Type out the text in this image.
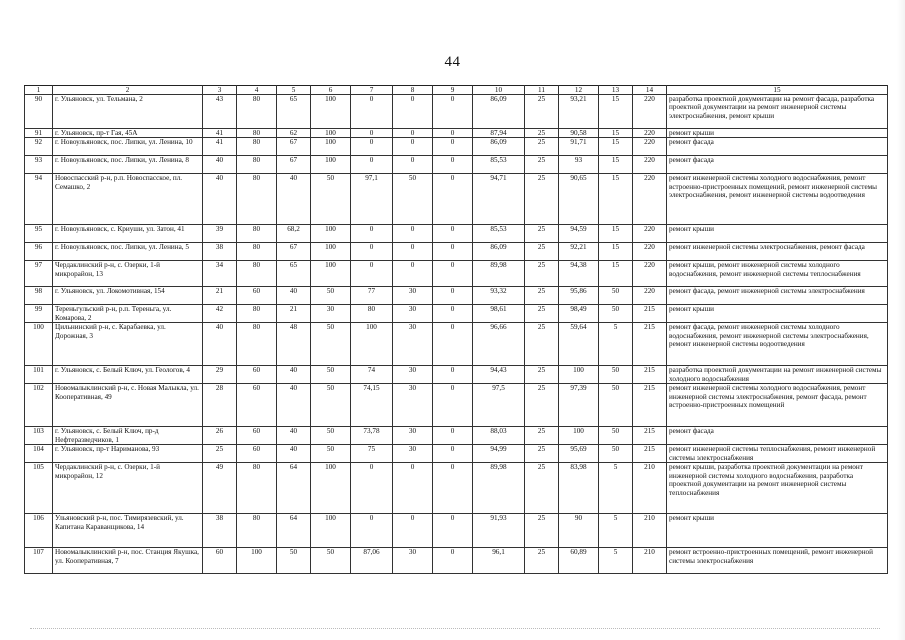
44
1	2	3	4	5	6	7	8	9	10	11	12	13	14	15
90	г. Ульяновск, ул. Тельмана, 2	43	80	65	100	0	0	0	86,09	25	93,21	15	220	разработка проектной документации на ремонт фасада, разработка проектной документации на ремонт инженерной системы электроснабжения, ремонт крыши
91	г. Ульяновск, пр-т Гая, 45А	41	80	62	100	0	0	0	87,94	25	90,58	15	220	ремонт крыши
92	г. Новоульяновск, пос. Липки, ул. Ленина, 10	41	80	67	100	0	0	0	86,09	25	91,71	15	220	ремонт фасада
93	г. Новоульяновск, пос. Липки, ул. Ленина, 8	40	80	67	100	0	0	0	85,53	25	93	15	220	ремонт фасада
94	Новоспасский р-н, р.п. Новоспасское, пл. Семашко, 2	40	80	40	50	97,1	50	0	94,71	25	90,65	15	220	ремонт инженерной системы холодного водоснабжения, ремонт встроенно-пристроенных помещений, ремонт инженерной системы электроснабжения, ремонт инженерной системы водоотведения
95	г. Новоульяновск, с. Криуши, ул. Затон, 41	39	80	68,2	100	0	0	0	85,53	25	94,59	15	220	ремонт крыши
96	г. Новоульяновск, пос. Липки, ул. Ленина, 5	38	80	67	100	0	0	0	86,09	25	92,21	15	220	ремонт инженерной системы электроснабжения, ремонт фасада
97	Чердаклинский р-н, с. Озерки, 1-й микрорайон, 13	34	80	65	100	0	0	0	89,98	25	94,38	15	220	ремонт крыши, ремонт инженерной системы холодного водоснабжения, ремонт инженерной системы теплоснабжения
98	г. Ульяновск, ул. Локомотивная, 154	21	60	40	50	77	30	0	93,32	25	95,86	50	220	ремонт фасада, ремонт инженерной системы электроснабжения
99	Тереньгульский р-н, р.п. Тереньга, ул. Комарова, 2	42	80	21	30	80	30	0	98,61	25	98,49	50	215	ремонт крыши
100	Цильнинский р-н, с. Карабаевка, ул. Дорожная, 3	40	80	48	50	100	30	0	96,66	25	59,64	5	215	ремонт фасада, ремонт инженерной системы холодного водоснабжения, ремонт инженерной системы электроснабжения, ремонт инженерной системы водоотведения
101	г. Ульяновск, с. Белый Ключ, ул. Геологов, 4	29	60	40	50	74	30	0	94,43	25	100	50	215	разработка проектной документации на ремонт инженерной системы холодного водоснабжения
102	Новомалыклинский р-н, с. Новая Малыкла, ул. Кооперативная, 49	28	60	40	50	74,15	30	0	97,5	25	97,39	50	215	ремонт инженерной системы холодного водоснабжения, ремонт инженерной системы электроснабжения, ремонт фасада, ремонт встроенно-пристроенных помещений
103	г. Ульяновск, с. Белый Ключ, пр-д Нефтеразведчиков, 1	26	60	40	50	73,78	30	0	88,03	25	100	50	215	ремонт фасада
104	г. Ульяновск, пр-т Нариманова, 93	25	60	40	50	75	30	0	94,99	25	95,69	50	215	ремонт инженерной системы теплоснабжения, ремонт инженерной системы электроснабжения
105	Чердаклинский р-н, с. Озерки, 1-й микрорайон, 12	49	80	64	100	0	0	0	89,98	25	83,98	5	210	ремонт крыши, разработка проектной документации на ремонт инженерной системы холодного водоснабжения, разработка проектной документации на ремонт инженерной системы теплоснабжения
106	Ульяновский р-н, пос. Тимирязевский, ул. Капитана Караванщикова, 14	38	80	64	100	0	0	0	91,93	25	90	5	210	ремонт крыши
107	Новомалыклинский р-н, пос. Станция Якушка, ул. Кооперативная, 7	60	100	50	50	87,06	30	0	96,1	25	60,89	5	210	ремонт встроенно-пристроенных помещений, ремонт инженерной системы электроснабжения
